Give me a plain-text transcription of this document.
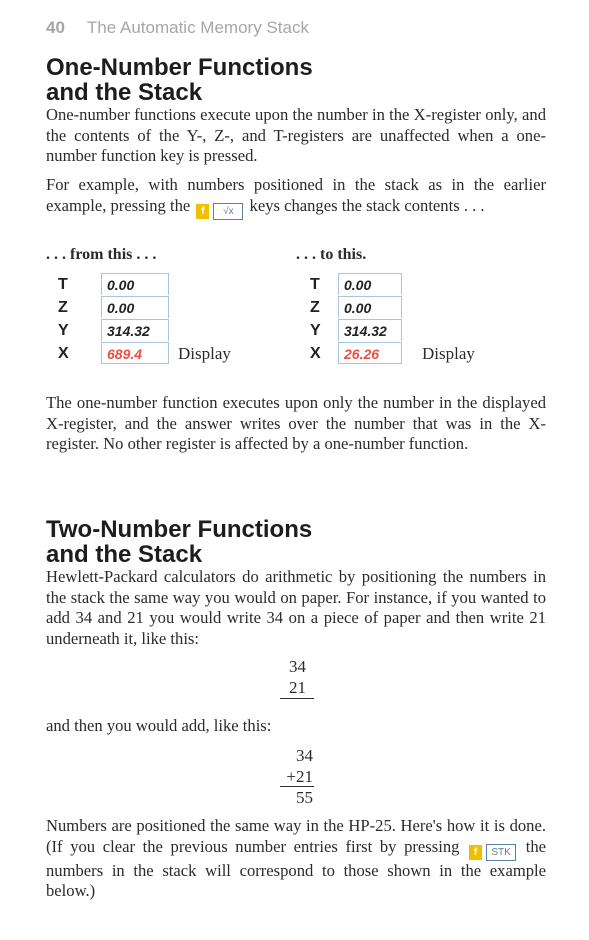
40 The Automatic Memory Stack
One-Number Functions
and the Stack

One-number functions execute upon the number in the X-register only, and the contents of the Y-, Z-, and T-registers are unaffected when a one-number function key is pressed.

For example, with numbers positioned in the stack as in the earlier example, pressing the f √x keys changes the stack contents . . .

. . . from this . . .	. . . to this.
T	0.00
Z	0.00
Y	314.32
X	689.4	Display
T	0.00
Z	0.00
Y	314.32
X	26.26	Display

The one-number function executes upon only the number in the displayed X-register, and the answer writes over the number that was in the X-register. No other register is affected by a one-number function.

Two-Number Functions
and the Stack

Hewlett-Packard calculators do arithmetic by positioning the numbers in the stack the same way you would on paper. For instance, if you wanted to add 34 and 21 you would write 34 on a piece of paper and then write 21 underneath it, like this:

34
21

and then you would add, like this:

34
+21
55

Numbers are positioned the same way in the HP-25. Here's how it is done. (If you clear the previous number entries first by pressing f STK the numbers in the stack will correspond to those shown in the example below.)
